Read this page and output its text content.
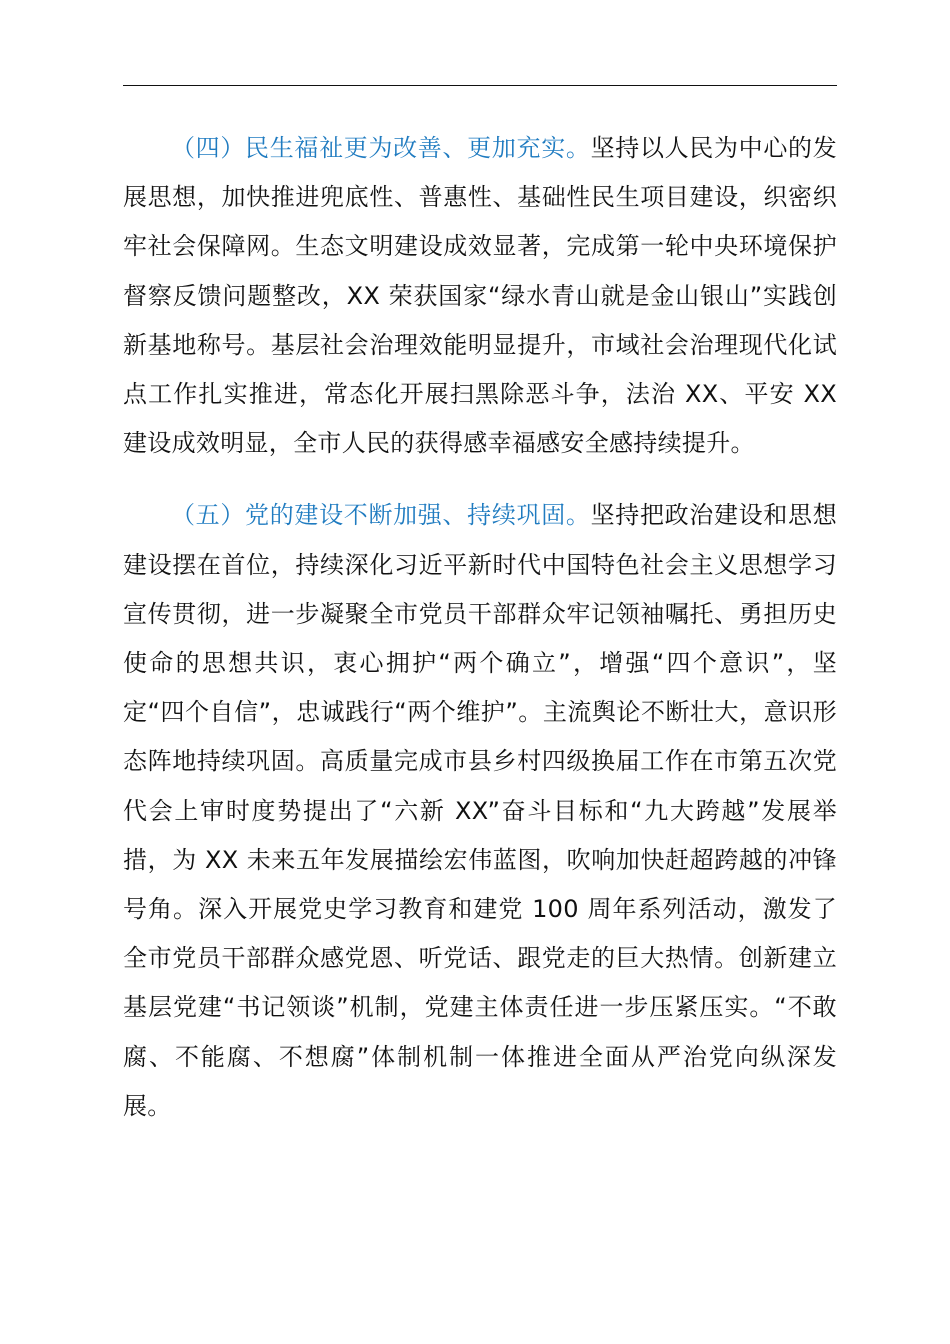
（四）民生福祉更为改善、更加充实。坚持以人民为中心的发展思想，加快推进兜底性、普惠性、基础性民生项目建设，织密织牢社会保障网。生态文明建设成效显著，完成第一轮中央环境保护督察反馈问题整改，XX 荣获国家“绿水青山就是金山银山”实践创新基地称号。基层社会治理效能明显提升，市域社会治理现代化试点工作扎实推进，常态化开展扫黑除恶斗争，法治 XX、平安 XX 建设成效明显，全市人民的获得感幸福感安全感持续提升。

（五）党的建设不断加强、持续巩固。坚持把政治建设和思想建设摆在首位，持续深化习近平新时代中国特色社会主义思想学习宣传贯彻，进一步凝聚全市党员干部群众牢记领袖嘱托、勇担历史使命的思想共识，衷心拥护“两个确立”，增强“四个意识”，坚定“四个自信”，忠诚践行“两个维护”。主流舆论不断壮大，意识形态阵地持续巩固。高质量完成市县乡村四级换届工作在市第五次党代会上审时度势提出了“六新 XX”奋斗目标和“九大跨越”发展举措，为 XX 未来五年发展描绘宏伟蓝图，吹响加快赶超跨越的冲锋号角。深入开展党史学习教育和建党 100 周年系列活动，激发了全市党员干部群众感党恩、听党话、跟党走的巨大热情。创新建立基层党建“书记领谈”机制，党建主体责任进一步压紧压实。“不敢腐、不能腐、不想腐”体制机制一体推进全面从严治党向纵深发展。
